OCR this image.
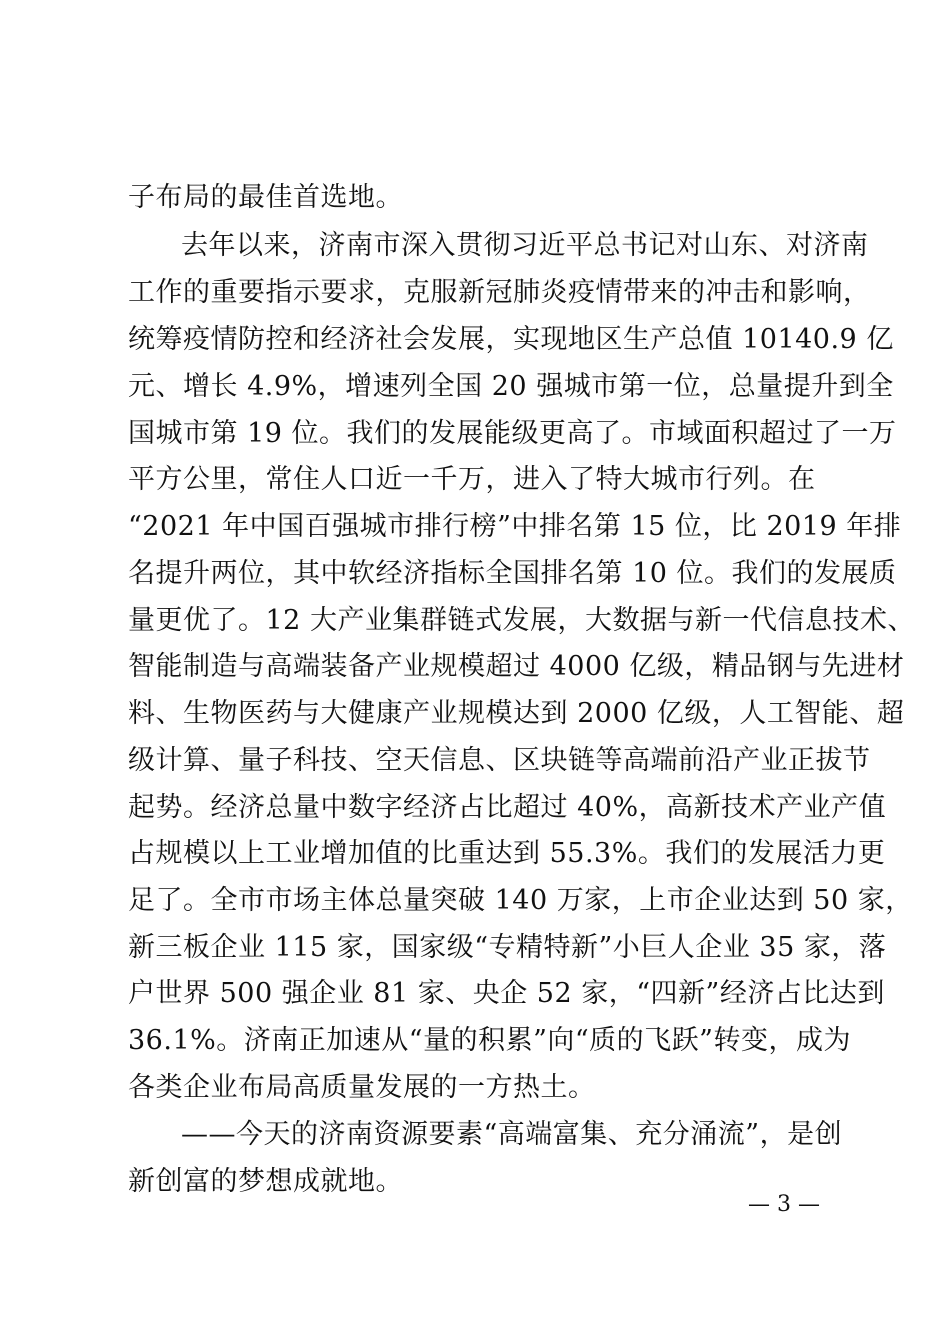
子布局的最佳首选地。
去年以来，济南市深入贯彻习近平总书记对山东、对济南
工作的重要指示要求，克服新冠肺炎疫情带来的冲击和影响，
统筹疫情防控和经济社会发展，实现地区生产总值 10140.9 亿
元、增长 4.9%，增速列全国 20 强城市第一位，总量提升到全
国城市第 19 位。我们的发展能级更高了。市域面积超过了一万
平方公里，常住人口近一千万，进入了特大城市行列。在
“2021 年中国百强城市排行榜”中排名第 15 位，比 2019 年排
名提升两位，其中软经济指标全国排名第 10 位。我们的发展质
量更优了。12 大产业集群链式发展，大数据与新一代信息技术、
智能制造与高端装备产业规模超过 4000 亿级，精品钢与先进材
料、生物医药与大健康产业规模达到 2000 亿级，人工智能、超
级计算、量子科技、空天信息、区块链等高端前沿产业正拔节
起势。经济总量中数字经济占比超过 40%，高新技术产业产值
占规模以上工业增加值的比重达到 55.3%。我们的发展活力更
足了。全市市场主体总量突破 140 万家，上市企业达到 50 家，
新三板企业 115 家，国家级“专精特新”小巨人企业 35 家，落
户世界 500 强企业 81 家、央企 52 家，“四新”经济占比达到
36.1%。济南正加速从“量的积累”向“质的飞跃”转变，成为
各类企业布局高质量发展的一方热土。
——今天的济南资源要素“高端富集、充分涌流”，是创
新创富的梦想成就地。
— 3 —
